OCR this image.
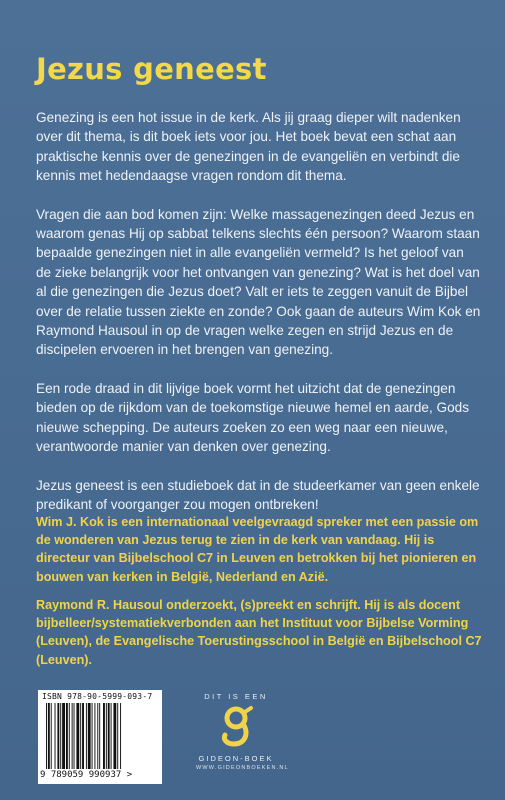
Jezus geneest

Genezing is een hot issue in de kerk. Als jij graag dieper wilt nadenken over dit thema, is dit boek iets voor jou. Het boek bevat een schat aan praktische kennis over de genezingen in de evangeliën en verbindt die kennis met hedendaagse vragen rondom dit thema.

Vragen die aan bod komen zijn: Welke massagenezingen deed Jezus en waarom genas Hij op sabbat telkens slechts één persoon? Waarom staan bepaalde genezingen niet in alle evangeliën vermeld? Is het geloof van de zieke belangrijk voor het ontvangen van genezing? Wat is het doel van al die genezingen die Jezus doet? Valt er iets te zeggen vanuit de Bijbel over de relatie tussen ziekte en zonde? Ook gaan de auteurs Wim Kok en Raymond Hausoul in op de vragen welke zegen en strijd Jezus en de discipelen ervoeren in het brengen van genezing.

Een rode draad in dit lijvige boek vormt het uitzicht dat de genezingen bieden op de rijkdom van de toekomstige nieuwe hemel en aarde, Gods nieuwe schepping. De auteurs zoeken zo een weg naar een nieuwe, verantwoorde manier van denken over genezing.

Jezus geneest is een studieboek dat in de studeerkamer van geen enkele predikant of voorganger zou mogen ontbreken!

Wim J. Kok is een internationaal veelgevraagd spreker met een passie om de wonderen van Jezus terug te zien in de kerk van vandaag. Hij is directeur van Bijbelschool C7 in Leuven en betrokken bij het pionieren en bouwen van kerken in België, Nederland en Azië.

Raymond R. Hausoul onderzoekt, (s)preekt en schrijft. Hij is als docent bijbelleer/systematiekverbonden aan het Instituut voor Bijbelse Vorming (Leuven), de Evangelische Toerustingsschool in België en Bijbelschool C7 (Leuven).

ISBN 978-90-5999-093-7
9 789059 990937 >
DIT IS EEN
GIDEON-BOEK
WWW.GIDEONBOEKEN.NL
